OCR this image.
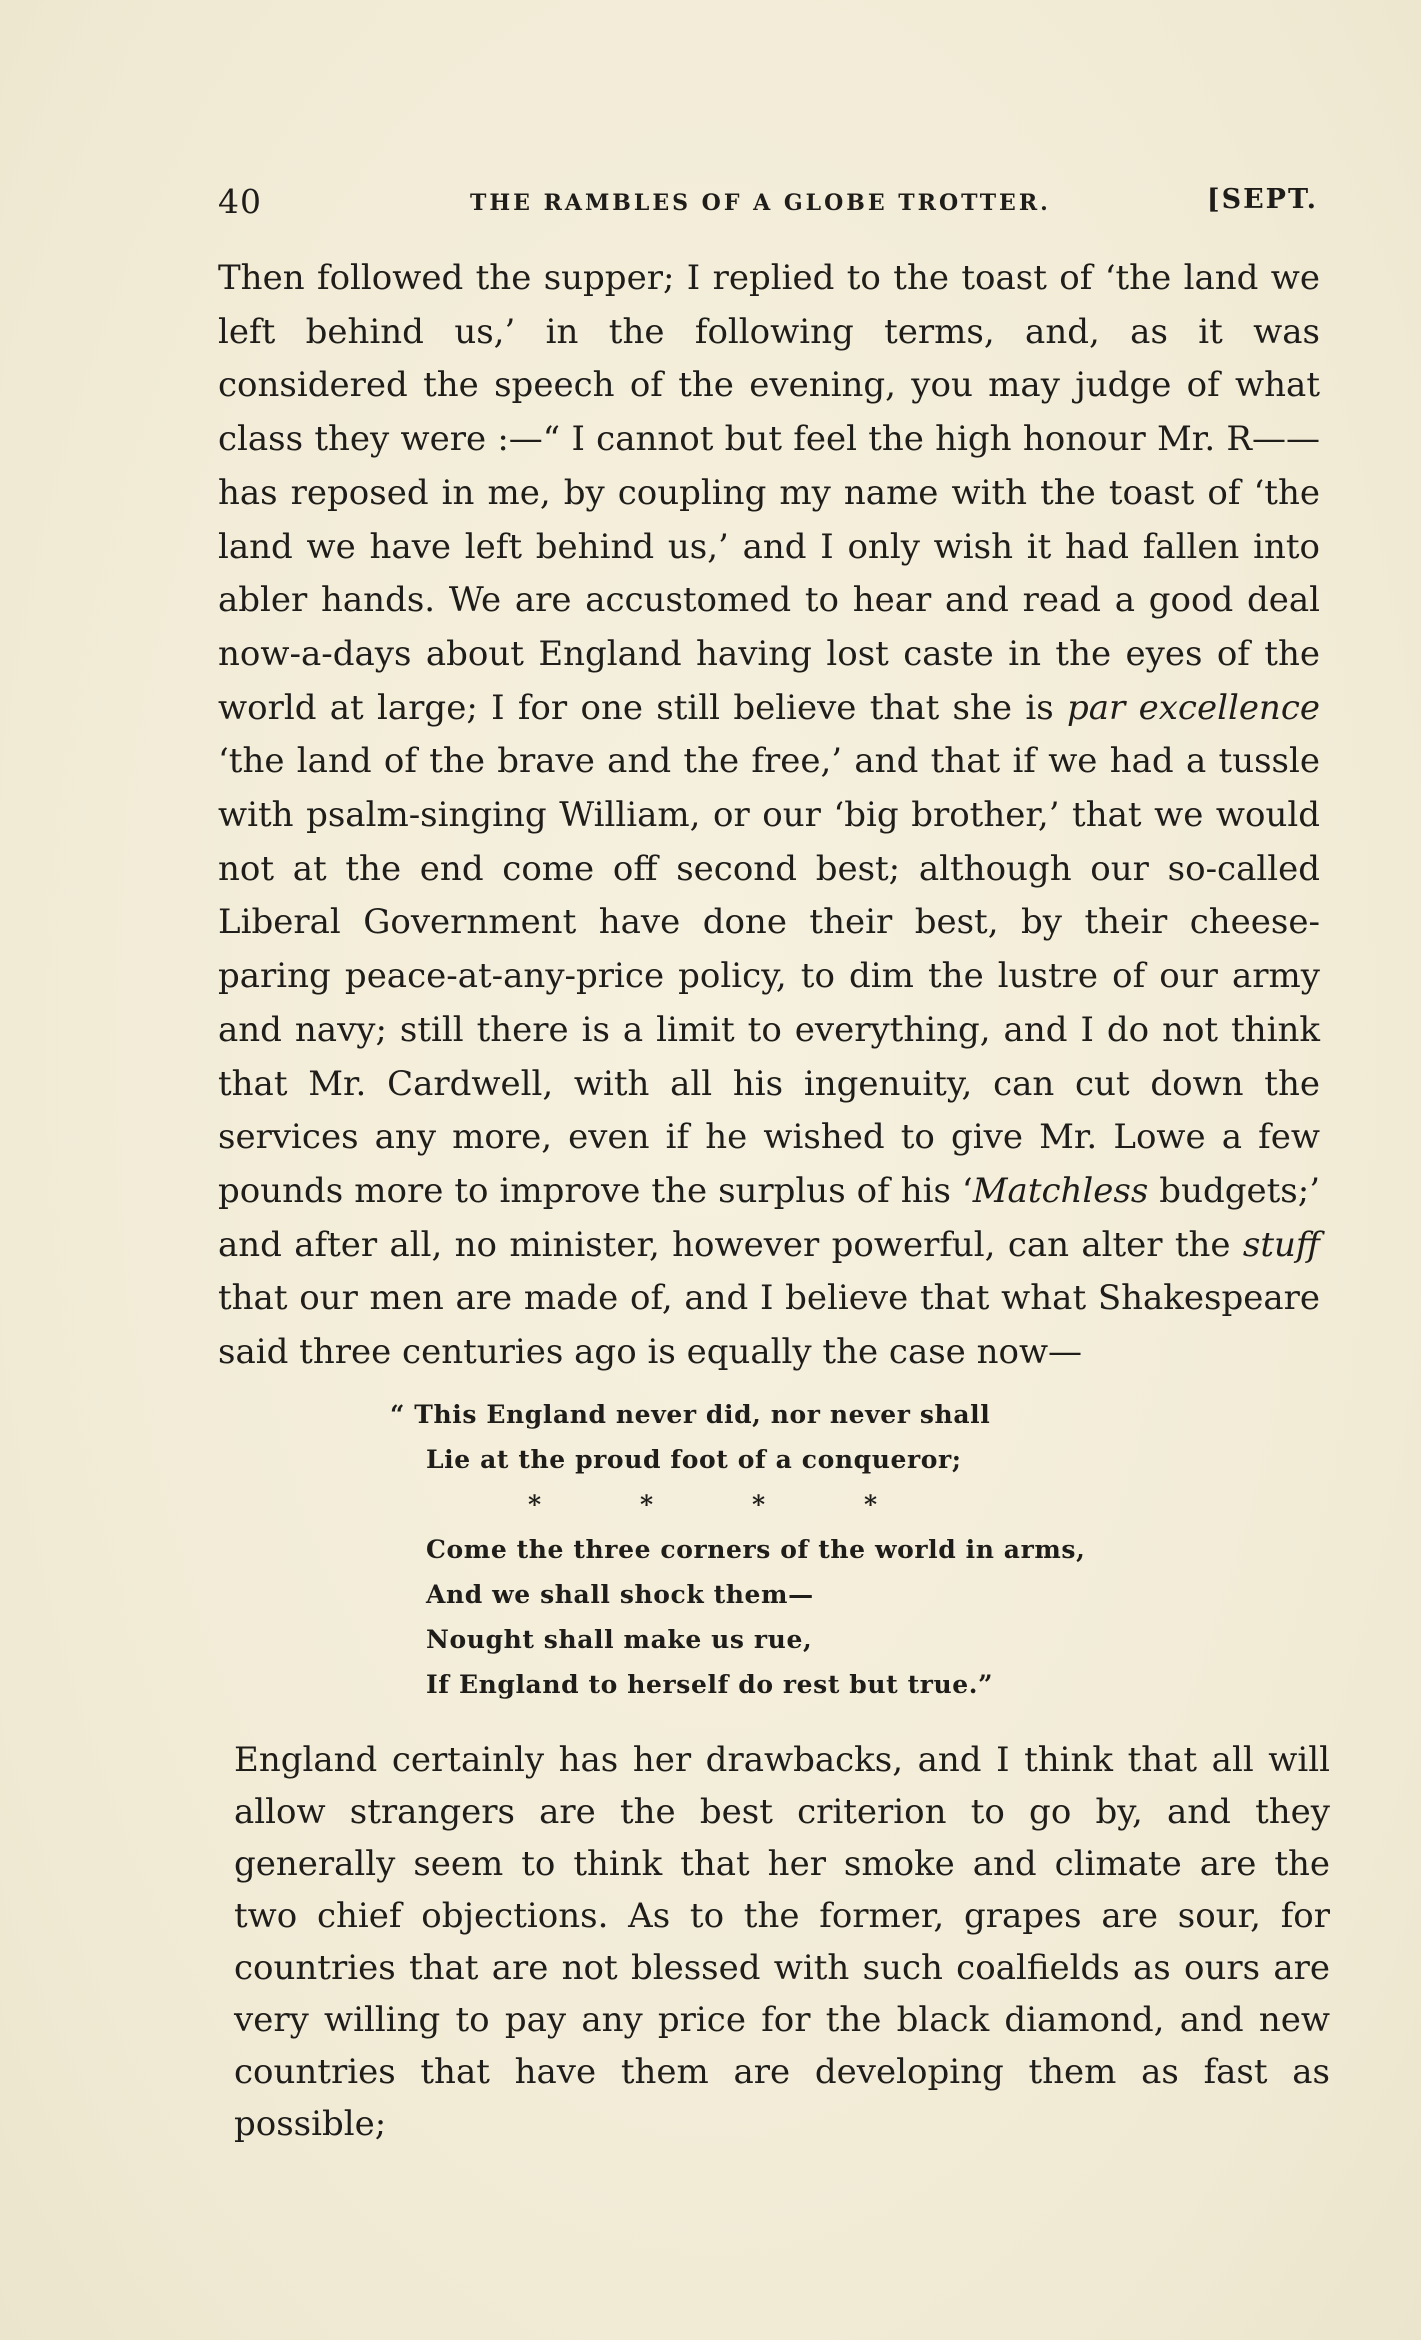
40	THE RAMBLES OF A GLOBE TROTTER.	[SEPT.

Then followed the supper; I replied to the toast of ‘the land we left behind us,’ in the following terms, and, as it was considered the speech of the evening, you may judge of what class they were :—“ I cannot but feel the high honour Mr. R—— has reposed in me, by coupling my name with the toast of ‘the land we have left behind us,’ and I only wish it had fallen into abler hands. We are accustomed to hear and read a good deal now-a-days about England having lost caste in the eyes of the world at large; I for one still believe that she is par excellence ‘the land of the brave and the free,’ and that if we had a tussle with psalm-singing William, or our ‘big brother,’ that we would not at the end come off second best; although our so-called Liberal Government have done their best, by their cheese-paring peace-at-any-price policy, to dim the lustre of our army and navy; still there is a limit to everything, and I do not think that Mr. Cardwell, with all his ingenuity, can cut down the services any more, even if he wished to give Mr. Lowe a few pounds more to improve the surplus of his ‘Matchless budgets;’ and after all, no minister, however powerful, can alter the stuff that our men are made of, and I believe that what Shakespeare said three centuries ago is equally the case now—

“ This England never did, nor never shall
Lie at the proud foot of a conqueror;
*	*	*	*
Come the three corners of the world in arms,
And we shall shock them—
Nought shall make us rue,
If England to herself do rest but true.”

England certainly has her drawbacks, and I think that all will allow strangers are the best criterion to go by, and they generally seem to think that her smoke and climate are the two chief objections. As to the former, grapes are sour, for countries that are not blessed with such coalfields as ours are very willing to pay any price for the black diamond, and new countries that have them are developing them as fast as possible;
